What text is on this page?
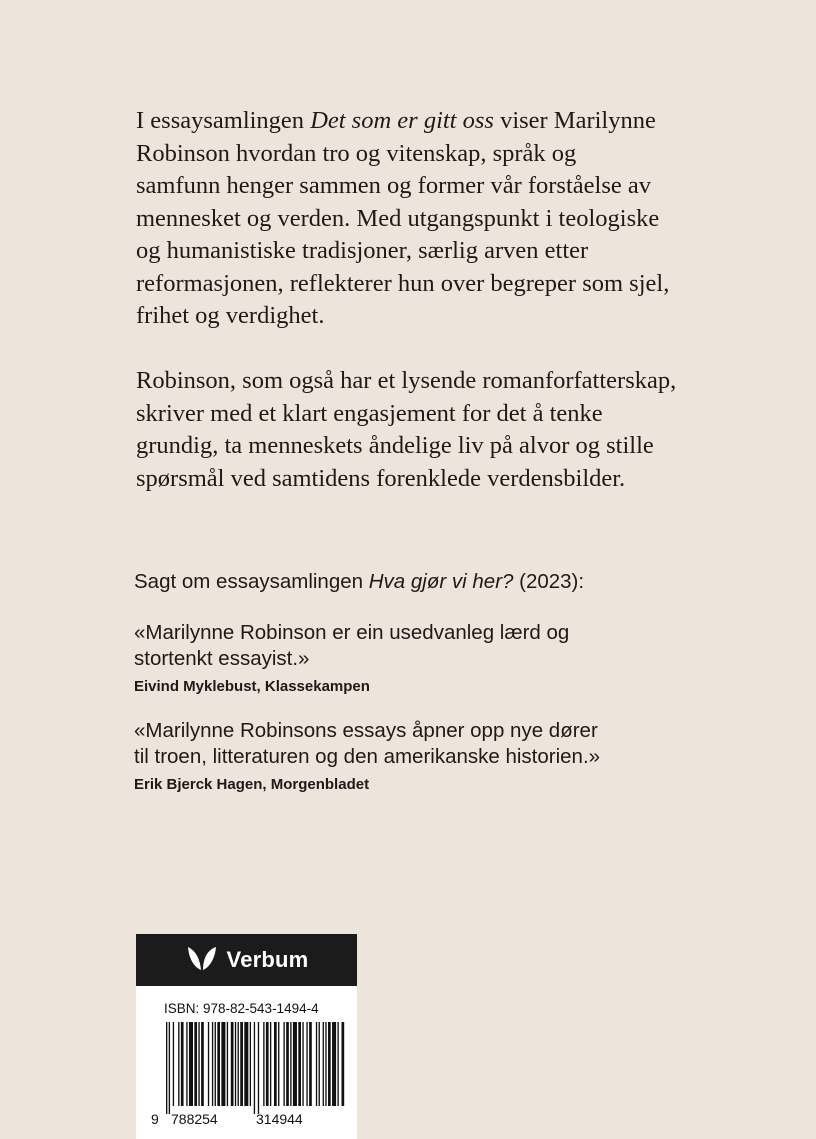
I essaysamlingen Det som er gitt oss viser Marilynne
Robinson hvordan tro og vitenskap, språk og
samfunn henger sammen og former vår forståelse av
mennesket og verden. Med utgangspunkt i teologiske
og humanistiske tradisjoner, særlig arven etter
reformasjonen, reflekterer hun over begreper som sjel,
frihet og verdighet.

Robinson, som også har et lysende romanforfatterskap,
skriver med et klart engasjement for det å tenke
grundig, ta menneskets åndelige liv på alvor og stille
spørsmål ved samtidens forenklede verdensbilder.

Sagt om essaysamlingen Hva gjør vi her? (2023):

«Marilynne Robinson er ein usedvanleg lærd og
stortenkt essayist.»
Eivind Myklebust, Klassekampen
«Marilynne Robinsons essays åpner opp nye dører
til troen, litteraturen og den amerikanske historien.»
Erik Bjerck Hagen, Morgenbladet
Verbum
ISBN: 978-82-543-1494-4
9 788254	314944
